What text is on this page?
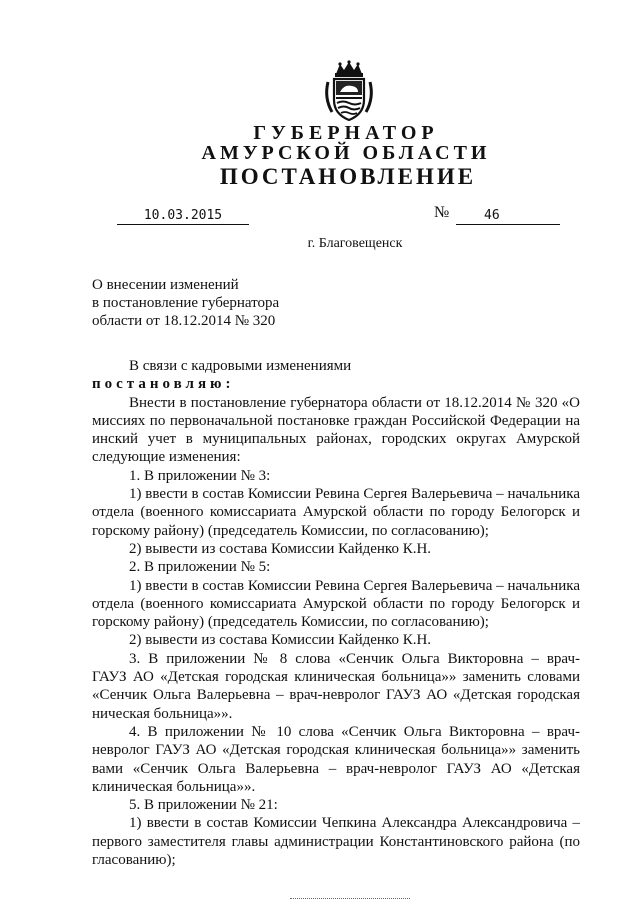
ГУБЕРНАТОР
АМУРСКОЙ ОБЛАСТИ
ПОСТАНОВЛЕНИЕ
10.03.2015	№	46
г. Благовещенск
О внесении изменений
в постановление губернатора
области от 18.12.2014 № 320
В связи с кадровыми изменениями
постановляю:
Внести в постановление губернатора области от 18.12.2014 № 320 «О
миссиях по первоначальной постановке граждан Российской Федерации на
инский учет в муниципальных районах, городских округах Амурской
следующие изменения:
1. В приложении № 3:
1) ввести в состав Комиссии Ревина Сергея Валерьевича – начальника
отдела (военного комиссариата Амурской области по городу Белогорск и
горскому району) (председатель Комиссии, по согласованию);
2) вывести из состава Комиссии Кайденко К.Н.
2. В приложении № 5:
1) ввести в состав Комиссии Ревина Сергея Валерьевича – начальника
отдела (военного комиссариата Амурской области по городу Белогорск и
горскому району) (председатель Комиссии, по согласованию);
2) вывести из состава Комиссии Кайденко К.Н.
3. В приложении № 8 слова «Сенчик Ольга Викторовна – врач-
ГАУЗ АО «Детская городская клиническая больница»» заменить словами
«Сенчик Ольга Валерьевна – врач-невролог ГАУЗ АО «Детская городская
ническая больница»».
4. В приложении № 10 слова «Сенчик Ольга Викторовна – врач-
невролог ГАУЗ АО «Детская городская клиническая больница»» заменить
вами «Сенчик Ольга Валерьевна – врач-невролог ГАУЗ АО «Детская
клиническая больница»».
5. В приложении № 21:
1) ввести в состав Комиссии Чепкина Александра Александровича –
первого заместителя главы администрации Константиновского района (по
гласованию);
